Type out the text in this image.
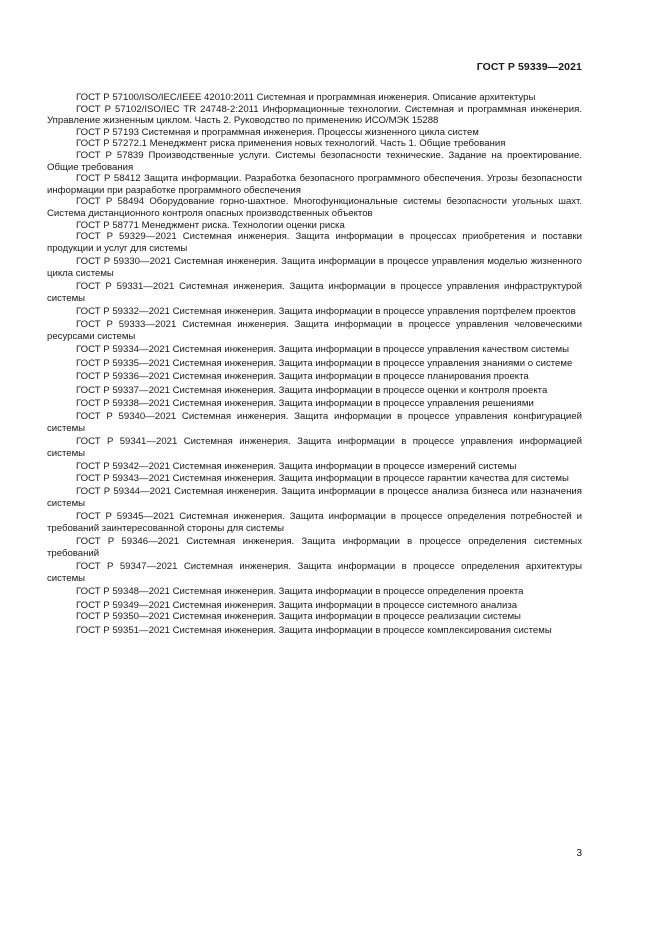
ГОСТ Р 59339—2021

ГОСТ Р 57100/ISO/IEC/IEEE 42010:2011 Системная и программная инженерия. Описание архитектуры

ГОСТ Р 57102/ISO/IEC TR 24748-2:2011 Информационные технологии. Системная и программная инженерия. Управление жизненным циклом. Часть 2. Руководство по применению ИСО/МЭК 15288

ГОСТ Р 57193 Системная и программная инженерия. Процессы жизненного цикла систем

ГОСТ Р 57272.1 Менеджмент риска применения новых технологий. Часть 1. Общие требования

ГОСТ Р 57839 Производственные услуги. Системы безопасности технические. Задание на проектирование. Общие требования

ГОСТ Р 58412 Защита информации. Разработка безопасного программного обеспечения. Угрозы безопасности информации при разработке программного обеспечения

ГОСТ Р 58494 Оборудование горно-шахтное. Многофункциональные системы безопасности угольных шахт. Система дистанционного контроля опасных производственных объектов

ГОСТ Р 58771 Менеджмент риска. Технологии оценки риска

ГОСТ Р 59329—2021 Системная инженерия. Защита информации в процессах приобретения и поставки продукции и услуг для системы

ГОСТ Р 59330—2021 Системная инженерия. Защита информации в процессе управления моделью жизненного цикла системы

ГОСТ Р 59331—2021 Системная инженерия. Защита информации в процессе управления инфраструктурой системы

ГОСТ Р 59332—2021 Системная инженерия. Защита информации в процессе управления портфелем проектов

ГОСТ Р 59333—2021 Системная инженерия. Защита информации в процессе управления человеческими ресурсами системы

ГОСТ Р 59334—2021 Системная инженерия. Защита информации в процессе управления качеством системы

ГОСТ Р 59335—2021 Системная инженерия. Защита информации в процессе управления знаниями о системе

ГОСТ Р 59336—2021 Системная инженерия. Защита информации в процессе планирования проекта

ГОСТ Р 59337—2021 Системная инженерия. Защита информации в процессе оценки и контроля проекта

ГОСТ Р 59338—2021 Системная инженерия. Защита информации в процессе управления решениями

ГОСТ Р 59340—2021 Системная инженерия. Защита информации в процессе управления конфигурацией системы

ГОСТ Р 59341—2021 Системная инженерия. Защита информации в процессе управления информацией системы

ГОСТ Р 59342—2021 Системная инженерия. Защита информации в процессе измерений системы

ГОСТ Р 59343—2021 Системная инженерия. Защита информации в процессе гарантии качества для системы

ГОСТ Р 59344—2021 Системная инженерия. Защита информации в процессе анализа бизнеса или назначения системы

ГОСТ Р 59345—2021 Системная инженерия. Защита информации в процессе определения потребностей и требований заинтересованной стороны для системы

ГОСТ Р 59346—2021 Системная инженерия. Защита информации в процессе определения системных требований

ГОСТ Р 59347—2021 Системная инженерия. Защита информации в процессе определения архитектуры системы

ГОСТ Р 59348—2021 Системная инженерия. Защита информации в процессе определения проекта

ГОСТ Р 59349—2021 Системная инженерия. Защита информации в процессе системного анализа

ГОСТ Р 59350—2021 Системная инженерия. Защита информации в процессе реализации системы

ГОСТ Р 59351—2021 Системная инженерия. Защита информации в процессе комплексирования системы

3
